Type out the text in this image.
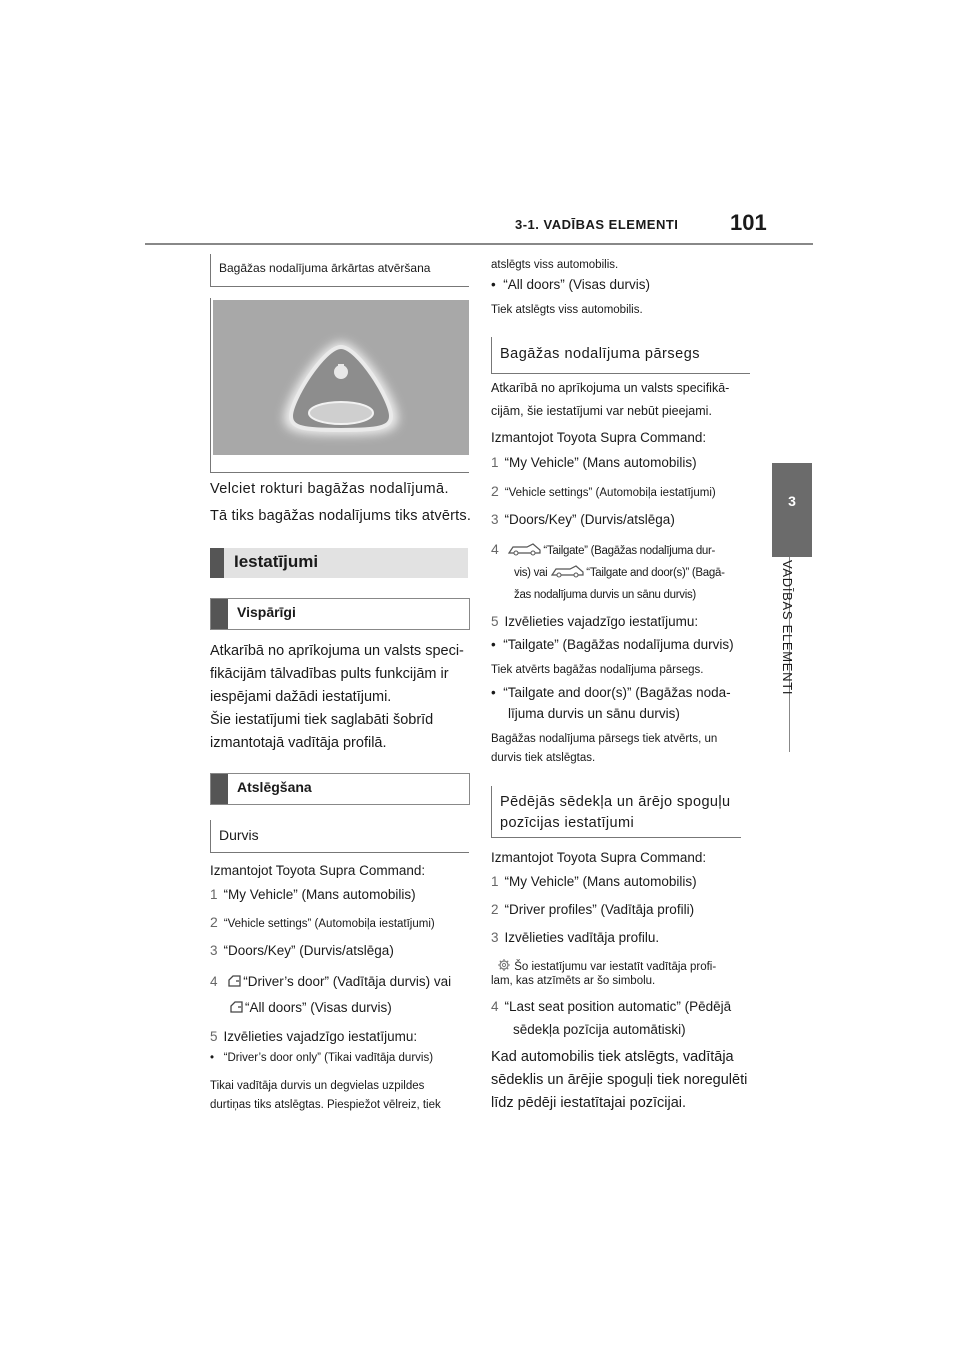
3-1. VADĪBAS ELEMENTI 101
3
VADĪBAS ELEMENTI
Bagāžas nodalījuma ārkārtas atvēršana
Velciet rokturi bagāžas nodalījumā.
Tā tiks bagāžas nodalījums tiks atvērts.
Iestatījumi
Vispārīgi
Atkarībā no aprīkojuma un valsts speci-
fikācijām tālvadības pults funkcijām ir
iespējami dažādi iestatījumi.
Šie iestatījumi tiek saglabāti šobrīd
izmantotajā vadītāja profilā.
Atslēgšana
Durvis
Izmantojot Toyota Supra Command:
1 “My Vehicle” (Mans automobilis)
2 “Vehicle settings” (Automobiļa iestatījumi)
3 “Doors/Key” (Durvis/atslēga)
4 “Driver’s door” (Vadītāja durvis) vai
“All doors” (Visas durvis)
5 Izvēlieties vajadzīgo iestatījumu:
•   “Driver’s door only” (Tikai vadītāja durvis)
Tikai vadītāja durvis un degvielas uzpildes
durtiņas tiks atslēgtas. Piespiežot vēlreiz, tiek
atslēgts viss automobilis.
•  “All doors” (Visas durvis)
Tiek atslēgts viss automobilis.
Bagāžas nodalījuma pārsegs
Atkarībā no aprīkojuma un valsts specifikā-
cijām, šie iestatījumi var nebūt pieejami.
Izmantojot Toyota Supra Command:
1 “My Vehicle” (Mans automobilis)
2 “Vehicle settings” (Automobiļa iestatījumi)
3 “Doors/Key” (Durvis/atslēga)
4	“Tailgate” (Bagāžas nodalījuma dur-
vis) vai	“Tailgate and door(s)” (Bagā-
žas nodalījuma durvis un sānu durvis)
5 Izvēlieties vajadzīgo iestatījumu:
•  “Tailgate” (Bagāžas nodalījuma durvis)
Tiek atvērts bagāžas nodalījuma pārsegs.
•  “Tailgate and door(s)” (Bagāžas noda-
lījuma durvis un sānu durvis)
Bagāžas nodalījuma pārsegs tiek atvērts, un
durvis tiek atslēgtas.
Pēdējās sēdekļa un ārējo spoguļu
pozīcijas iestatījumi
Izmantojot Toyota Supra Command:
1 “My Vehicle” (Mans automobilis)
2 “Driver profiles” (Vadītāja profili)
3 Izvēlieties vadītāja profilu.
Šo iestatījumu var iestatīt vadītāja profi-
lam, kas atzīmēts ar šo simbolu.
4 “Last seat position automatic” (Pēdējā
sēdekļa pozīcija automātiski)
Kad automobilis tiek atslēgts, vadītāja
sēdeklis un ārējie spoguļi tiek noregulēti
līdz pēdēji iestatītajai pozīcijai.
